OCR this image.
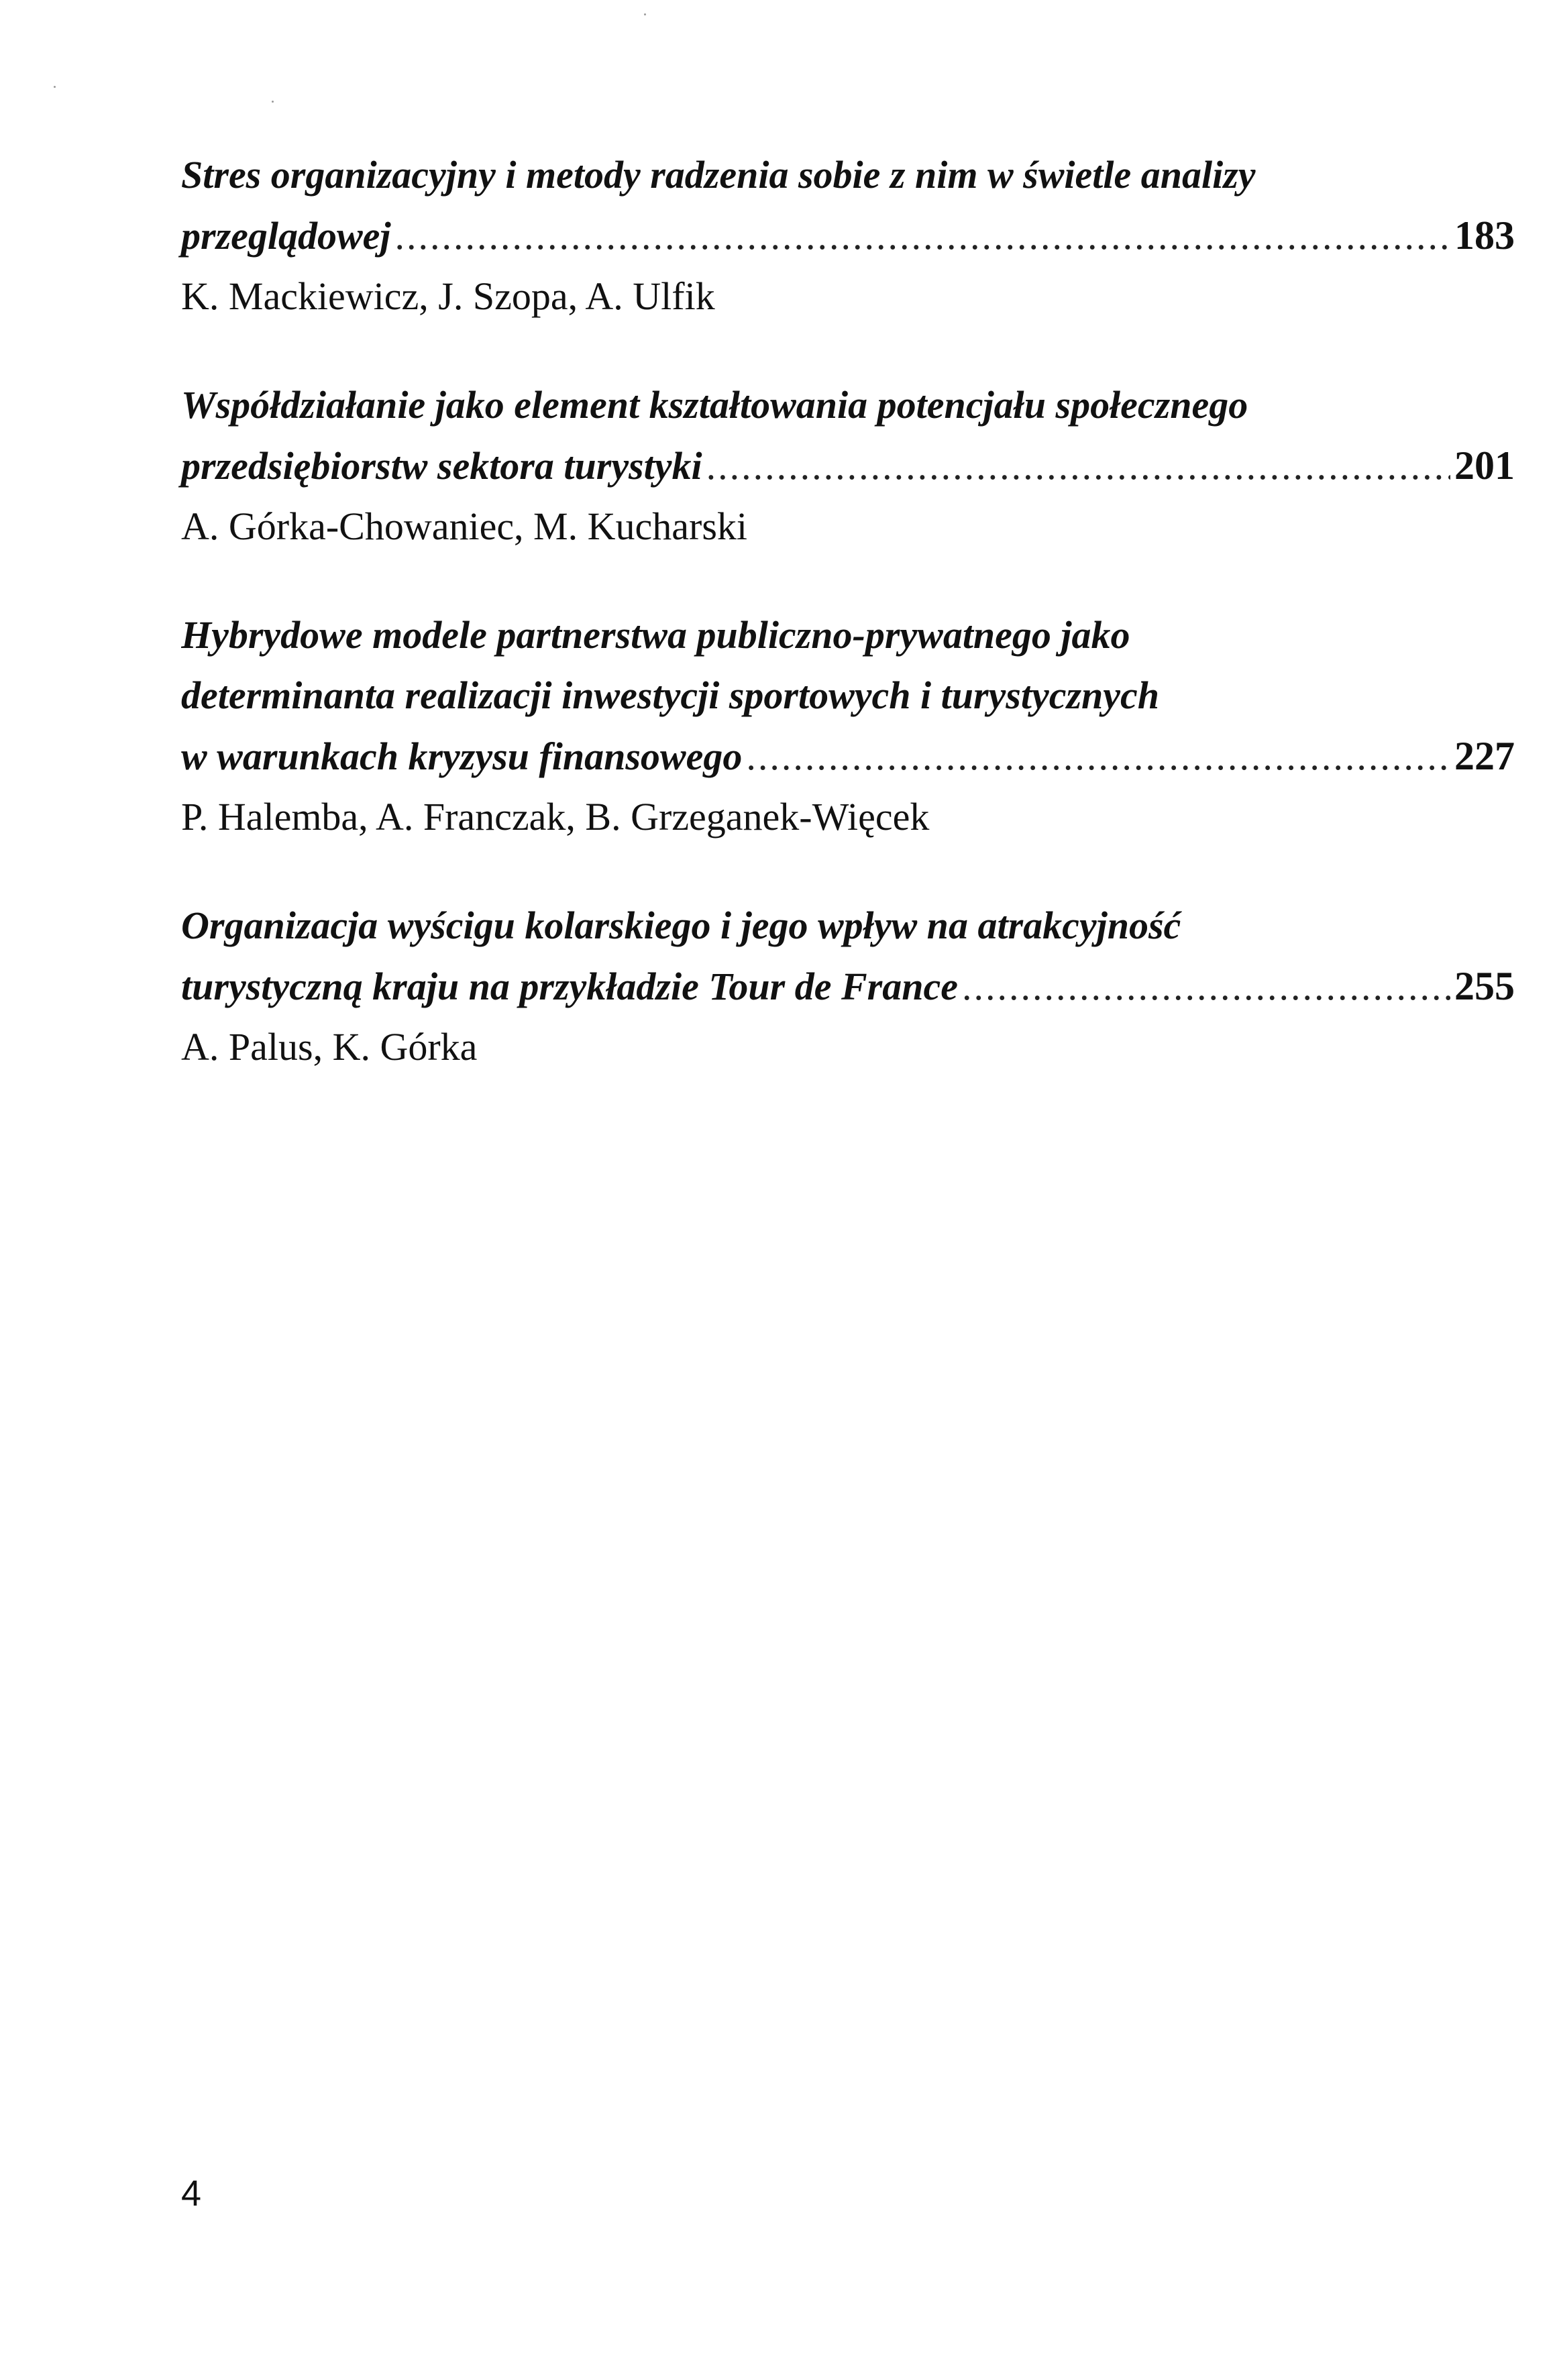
Stres organizacyjny i metody radzenia sobie z nim w świetle analizy
przeglądowej .....	183
K. Mackiewicz, J. Szopa, A. Ulfik
Współdziałanie jako element kształtowania potencjału społecznego
przedsiębiorstw sektora turystyki .....	201
A. Górka-Chowaniec, M. Kucharski
Hybrydowe modele partnerstwa publiczno-prywatnego jako
determinanta realizacji inwestycji sportowych i turystycznych
w warunkach kryzysu finansowego .....	227
P. Halemba, A. Franczak, B. Grzeganek-Więcek
Organizacja wyścigu kolarskiego i jego wpływ na atrakcyjność
turystyczną kraju na przykładzie Tour de France .....	255
A. Palus, K. Górka
4
